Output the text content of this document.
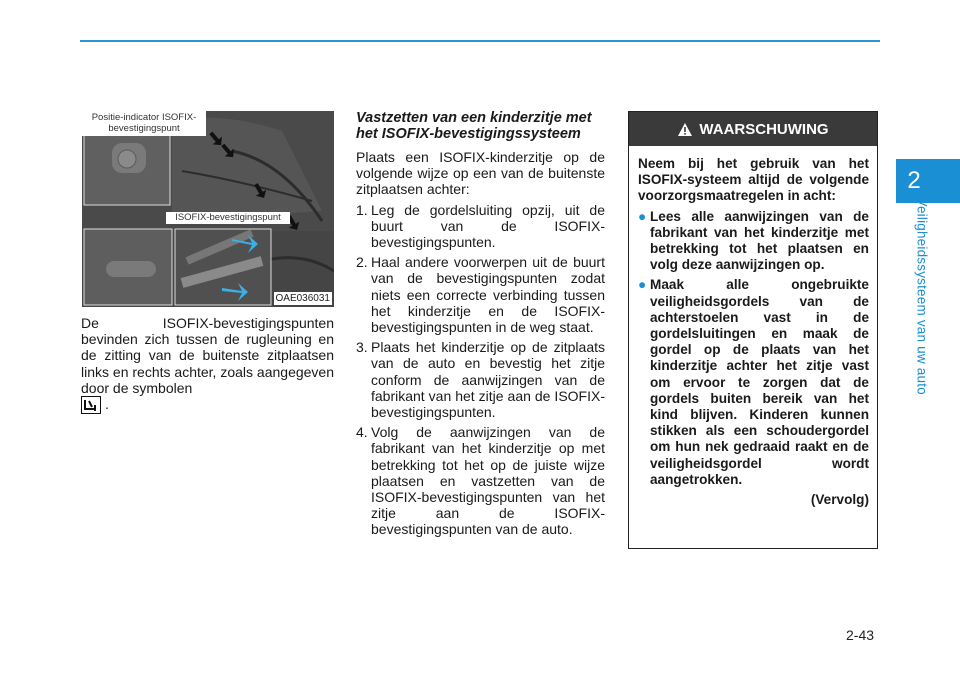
2
Veiligheidssysteem van uw auto
Positie-indicator ISOFIX-bevestigingspunt
ISOFIX-bevestigingspunt
OAE036031
De ISOFIX-bevestigingspunten bevinden zich tussen de rugleuning en de zitting van de buitenste zitplaatsen links en rechts achter, zoals aangegeven door de symbolen
.
Vastzetten van een kinderzitje met het ISOFIX-bevestigingssysteem

Plaats een ISOFIX-kinderzitje op de volgende wijze op een van de buitenste zitplaatsen achter:

1. Leg de gordelsluiting opzij, uit de buurt van de ISOFIX-bevestigingspunten.
2. Haal andere voorwerpen uit de buurt van de bevestigingspunten zodat niets een correcte verbinding tussen het kinderzitje en de ISOFIX-bevestigingspunten in de weg staat.
3. Plaats het kinderzitje op de zitplaats van de auto en bevestig het zitje conform de aanwijzingen van de fabrikant van het zitje aan de ISOFIX-bevestigingspunten.
4. Volg de aanwijzingen van de fabrikant van het kinderzitje op met betrekking tot het op de juiste wijze plaatsen en vastzetten van de ISOFIX-bevestigingspunten van het zitje aan de ISOFIX-bevestigingspunten van de auto.
WAARSCHUWING

Neem bij het gebruik van het ISOFIX-systeem altijd de volgende voorzorgsmaatregelen in acht:

● Lees alle aanwijzingen van de fabrikant van het kinderzitje met betrekking tot het plaatsen en volg deze aanwijzingen op.
● Maak alle ongebruikte veiligheidsgordels van de achterstoelen vast in de gordelsluitingen en maak de gordel op de plaats van het kinderzitje achter het zitje vast om ervoor te zorgen dat de gordels buiten bereik van het kind blijven. Kinderen kunnen stikken als een schoudergordel om hun nek gedraaid raakt en de veiligheidsgordel wordt aangetrokken.
(Vervolg)
2-43
